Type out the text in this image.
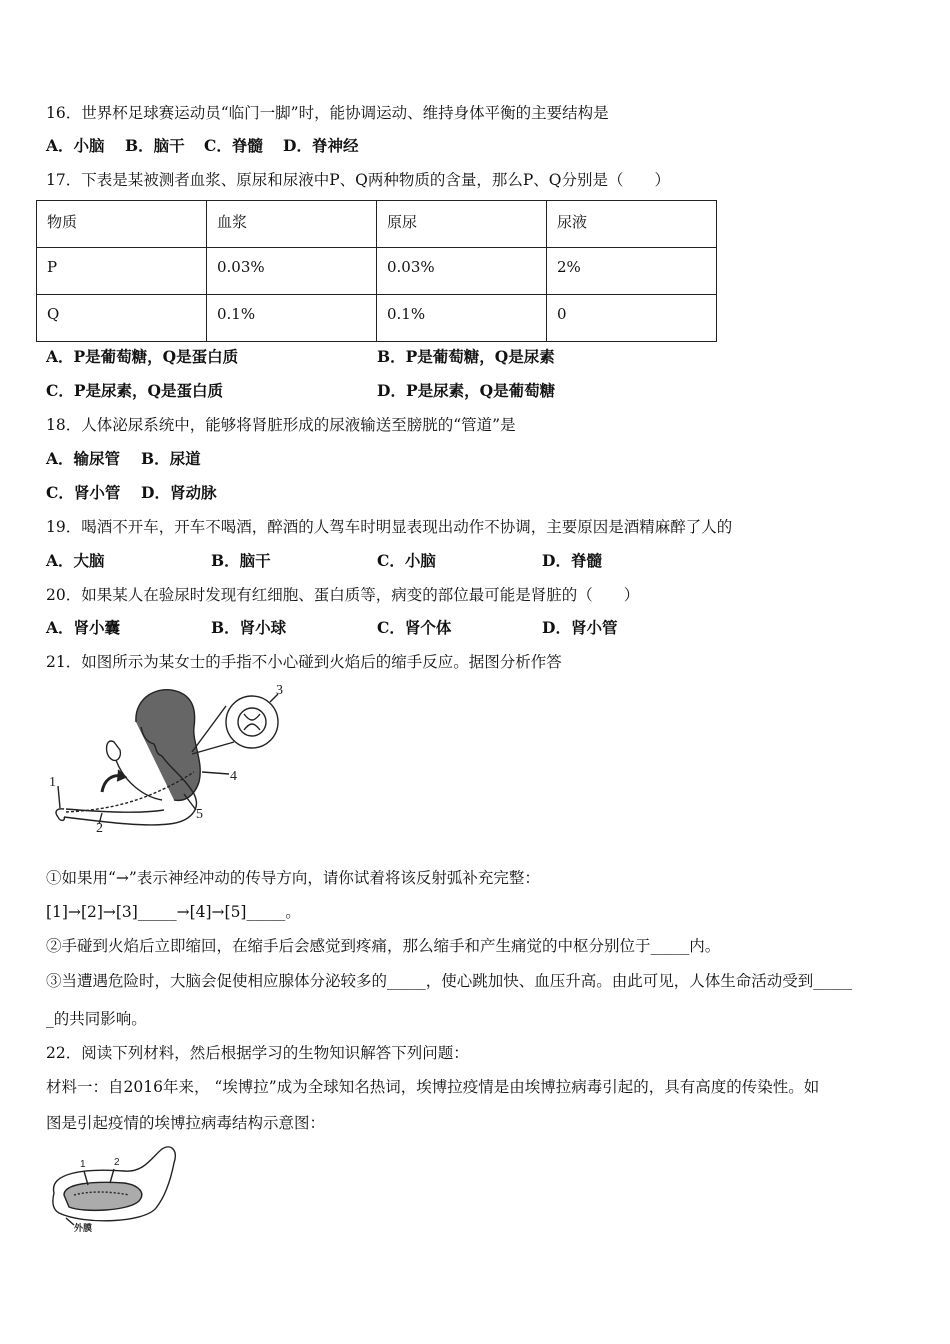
16．世界杯足球赛运动员“临门一脚”时，能协调运动、维持身体平衡的主要结构是
A．小脑 B．脑干 C．脊髓 D．脊神经
17．下表是某被测者血浆、原尿和尿液中P、Q两种物质的含量，那么P、Q分别是（　　）
物质	血浆	原尿	尿液
P	0.03%	0.03%	2%
Q	0.1%	0.1%	0
A．P是葡萄糖，Q是蛋白质	B．P是葡萄糖，Q是尿素
C．P是尿素，Q是蛋白质	D．P是尿素，Q是葡萄糖
18．人体泌尿系统中，能够将肾脏形成的尿液输送至膀胱的“管道”是
A．输尿管 B．尿道
C．肾小管 D．肾动脉
19．喝酒不开车，开车不喝酒，醉酒的人驾车时明显表现出动作不协调，主要原因是酒精麻醉了人的
A．大脑	B．脑干	C．小脑	D．脊髓
20．如果某人在验尿时发现有红细胞、蛋白质等，病变的部位最可能是肾脏的（　　）
A．肾小囊	B．肾小球	C．肾个体	D．肾小管
21．如图所示为某女士的手指不小心碰到火焰后的缩手反应。据图分析作答
1
2
3
4
5
①如果用“→”表示神经冲动的传导方向，请你试着将该反射弧补充完整：
[1]→[2]→[3]_____→[4]→[5]_____。
②手碰到火焰后立即缩回，在缩手后会感觉到疼痛，那么缩手和产生痛觉的中枢分别位于_____内。
③当遭遇危险时，大脑会促使相应腺体分泌较多的_____，使心跳加快、血压升高。由此可见，人体生命活动受到_____
_的共同影响。
22．阅读下列材料，然后根据学习的生物知识解答下列问题：
材料一：自2016年来， “埃博拉”成为全球知名热词，埃博拉疫情是由埃博拉病毒引起的，具有高度的传染性。如
图是引起疫情的埃博拉病毒结构示意图：
1	2
外膜
